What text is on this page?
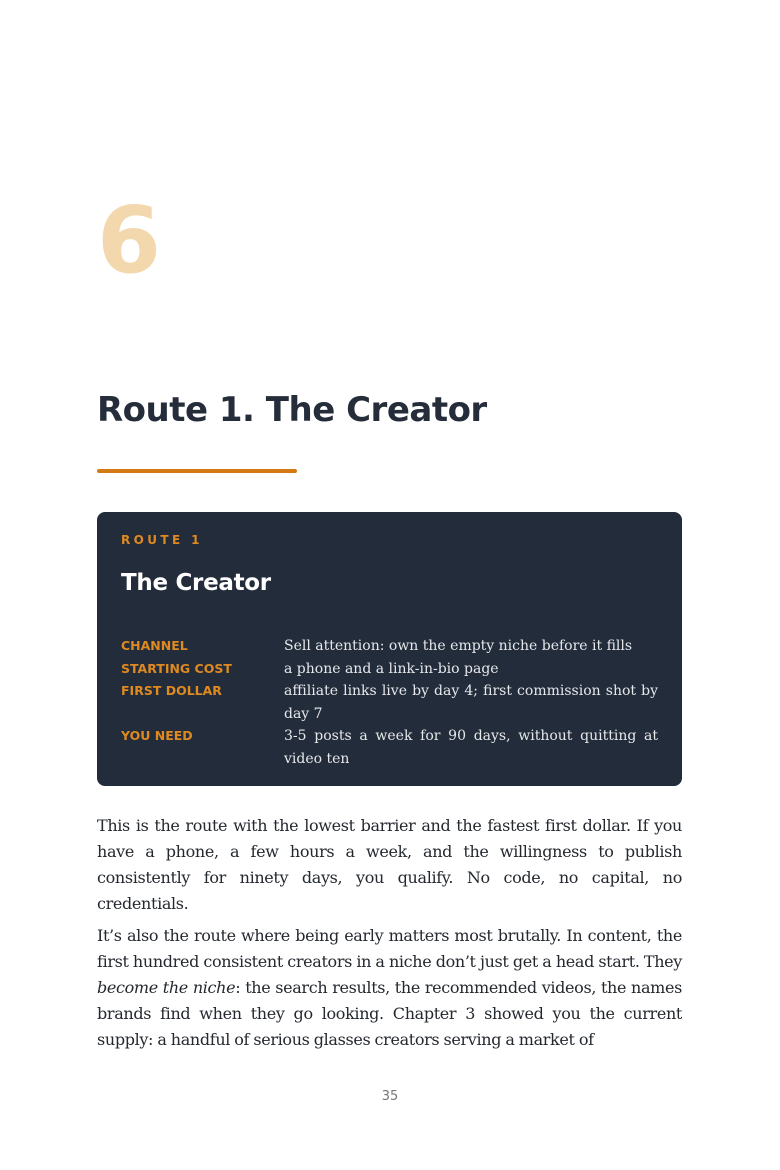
6
Route 1. The Creator
ROUTE 1
The Creator
CHANNEL	Sell attention: own the empty niche before it fills
STARTING COST	a phone and a link-in-bio page
FIRST DOLLAR	affiliate links live by day 4; first commission shot by day 7
YOU NEED	3-5 posts a week for 90 days, without quitting at video ten

This is the route with the lowest barrier and the fastest first dollar. If you have a phone, a few hours a week, and the willingness to publish consistently for ninety days, you qualify. No code, no capital, no credentials.

It’s also the route where being early matters most brutally. In content, the first hundred consistent creators in a niche don’t just get a head start. They become the niche: the search results, the recommended videos, the names brands find when they go looking. Chapter 3 showed you the current supply: a handful of serious glasses creators serving a market of

35
